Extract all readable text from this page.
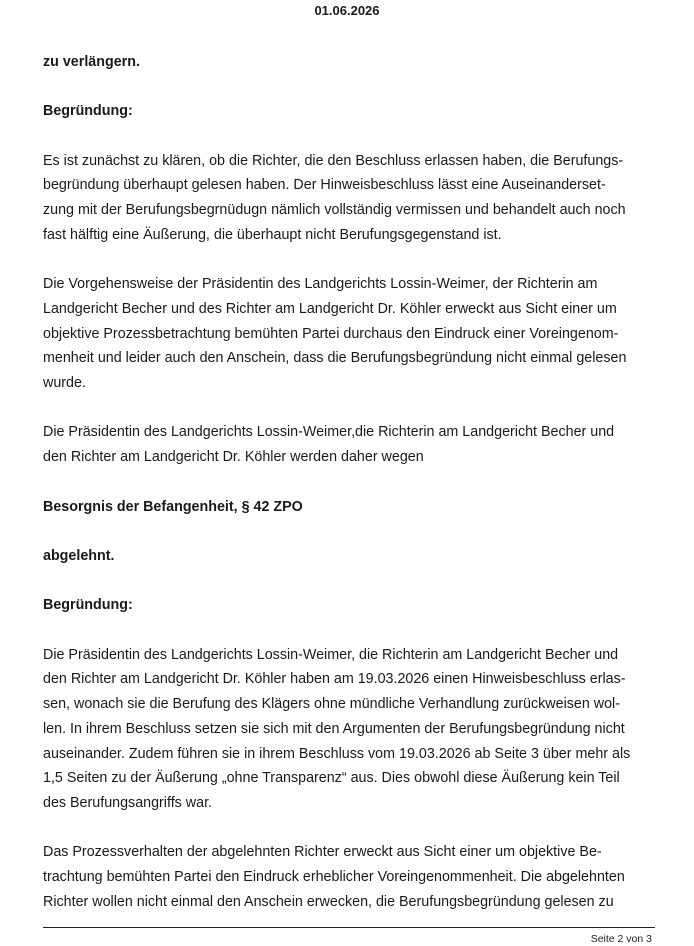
01.06.2026
zu verlängern.
Begründung:
Es ist zunächst zu klären, ob die Richter, die den Beschluss erlassen haben, die Berufungs-
begründung überhaupt gelesen haben. Der Hinweisbeschluss lässt eine Auseinanderset-
zung mit der Berufungsbegrnüdugn nämlich vollständig vermissen und behandelt auch noch
fast hälftig eine Äußerung, die überhaupt nicht Berufungsgegenstand ist.
Die Vorgehensweise der Präsidentin des Landgerichts Lossin-Weimer, der Richterin am
Landgericht Becher und des Richter am Landgericht Dr. Köhler erweckt aus Sicht einer um
objektive Prozessbetrachtung bemühten Partei durchaus den Eindruck einer Voreingenom-
menheit und leider auch den Anschein, dass die Berufungsbegründung nicht einmal gelesen
wurde.
Die Präsidentin des Landgerichts Lossin-Weimer,die Richterin am Landgericht Becher und
den Richter am Landgericht Dr. Köhler werden daher wegen
Besorgnis der Befangenheit, § 42 ZPO
abgelehnt.
Begründung:
Die Präsidentin des Landgerichts Lossin-Weimer, die Richterin am Landgericht Becher und
den Richter am Landgericht Dr. Köhler haben am 19.03.2026 einen Hinweisbeschluss erlas-
sen, wonach sie die Berufung des Klägers ohne mündliche Verhandlung zurückweisen wol-
len. In ihrem Beschluss setzen sie sich mit den Argumenten der Berufungsbegründung nicht
auseinander. Zudem führen sie in ihrem Beschluss vom 19.03.2026 ab Seite 3 über mehr als
1,5 Seiten zu der Äußerung „ohne Transparenz“ aus. Dies obwohl diese Äußerung kein Teil
des Berufungsangriffs war.
Das Prozessverhalten der abgelehnten Richter erweckt aus Sicht einer um objektive Be-
trachtung bemühten Partei den Eindruck erheblicher Voreingenommenheit. Die abgelehnten
Richter wollen nicht einmal den Anschein erwecken, die Berufungsbegründung gelesen zu
Seite 2 von 3
